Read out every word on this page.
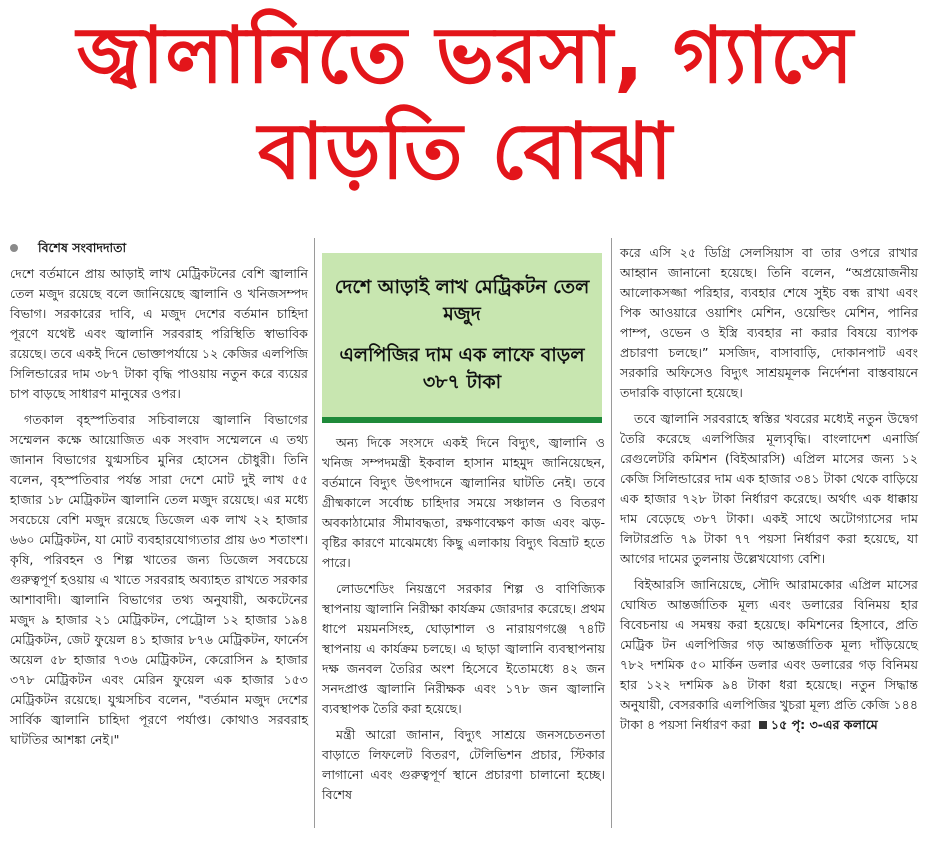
জ্বালানিতে ভরসা, গ্যাসে
বাড়তি বোঝা

বিশেষ সংবাদদাতা

দেশে বর্তমানে প্রায় আড়াই লাখ মেট্রিকটনের বেশি জ্বালানি তেল মজুদ রয়েছে বলে জানিয়েছে জ্বালানি ও খনিজসম্পদ বিভাগ। সরকারের দাবি, এ মজুদ দেশের বর্তমান চাহিদা পূরণে যথেষ্ট এবং জ্বালানি সরবরাহ পরিস্থিতি স্বাভাবিক রয়েছে। তবে একই দিনে ভোক্তাপর্যায়ে ১২ কেজির এলপিজি সিলিন্ডারের দাম ৩৮৭ টাকা বৃদ্ধি পাওয়ায় নতুন করে ব্যয়ের চাপ বাড়ছে সাধারণ মানুষের ওপর।

গতকাল বৃহস্পতিবার সচিবালয়ে জ্বালানি বিভাগের সম্মেলন কক্ষে আয়োজিত এক সংবাদ সম্মেলনে এ তথ্য জানান বিভাগের যুগ্মসচিব মুনির হোসেন চৌধুরী। তিনি বলেন, বৃহস্পতিবার পর্যন্ত সারা দেশে মোট দুই লাখ ৫৫ হাজার ১৮ মেট্রিকটন জ্বালানি তেল মজুদ রয়েছে। এর মধ্যে সবচেয়ে বেশি মজুদ রয়েছে ডিজেল এক লাখ ২২ হাজার ৬৬০ মেট্রিকটন, যা মোট ব্যবহারযোগ্যতার প্রায় ৬৩ শতাংশ। কৃষি, পরিবহন ও শিল্প খাতের জন্য ডিজেল সবচেয়ে গুরুত্বপূর্ণ হওয়ায় এ খাতে সরবরাহ অব্যাহত রাখতে সরকার আশাবাদী। জ্বালানি বিভাগের তথ্য অনুযায়ী, অকটেনের মজুদ ৯ হাজার ২১ মেট্রিকটন, পেট্রোল ১২ হাজার ১৯৪ মেট্রিকটন, জেট ফুয়েল ৪১ হাজার ৮৭৬ মেট্রিকটন, ফার্নেস অয়েল ৫৮ হাজার ৭৩৬ মেট্রিকটন, কেরোসিন ৯ হাজার ৩৭৮ মেট্রিকটন এবং মেরিন ফুয়েল এক হাজার ১৫৩ মেট্রিকটন রয়েছে। যুগ্মসচিব বলেন, "বর্তমান মজুদ দেশের সার্বিক জ্বালানি চাহিদা পূরণে পর্যাপ্ত। কোথাও সরবরাহ ঘাটতির আশঙ্কা নেই।"

দেশে আড়াই লাখ মেট্রিকটন তেল মজুদ
এলপিজির দাম এক লাফে বাড়ল ৩৮৭ টাকা

অন্য দিকে সংসদে একই দিনে বিদ্যুৎ, জ্বালানি ও খনিজ সম্পদমন্ত্রী ইকবাল হাসান মাহমুদ জানিয়েছেন, বর্তমানে বিদ্যুৎ উৎপাদনে জ্বালানির ঘাটতি নেই। তবে গ্রীষ্মকালে সর্বোচ্চ চাহিদার সময়ে সঞ্চালন ও বিতরণ অবকাঠামোর সীমাবদ্ধতা, রক্ষণাবেক্ষণ কাজ এবং ঝড়-বৃষ্টির কারণে মাঝেমধ্যে কিছু এলাকায় বিদ্যুৎ বিভ্রাট হতে পারে।

লোডশেডিং নিয়ন্ত্রণে সরকার শিল্প ও বাণিজ্যিক স্থাপনায় জ্বালানি নিরীক্ষা কার্যক্রম জোরদার করেছে। প্রথম ধাপে ময়মনসিংহ, ঘোড়াশাল ও নারায়ণগঞ্জে ৭৪টি স্থাপনায় এ কার্যক্রম চলছে। এ ছাড়া জ্বালানি ব্যবস্থাপনায় দক্ষ জনবল তৈরির অংশ হিসেবে ইতোমধ্যে ৪২ জন সনদপ্রাপ্ত জ্বালানি নিরীক্ষক এবং ১৭৮ জন জ্বালানি ব্যবস্থাপক তৈরি করা হয়েছে।

মন্ত্রী আরো জানান, বিদ্যুৎ সাশ্রয়ে জনসচেতনতা বাড়াতে লিফলেট বিতরণ, টেলিভিশন প্রচার, স্টিকার লাগানো এবং গুরুত্বপূর্ণ স্থানে প্রচারণা চালানো হচ্ছে। বিশেষ

করে এসি ২৫ ডিগ্রি সেলসিয়াস বা তার ওপরে রাখার আহ্বান জানানো হয়েছে। তিনি বলেন, “অপ্রয়োজনীয় আলোকসজ্জা পরিহার, ব্যবহার শেষে সুইচ বন্ধ রাখা এবং পিক আওয়ারে ওয়াশিং মেশিন, ওয়েল্ডিং মেশিন, পানির পাম্প, ওভেন ও ইস্ত্রি ব্যবহার না করার বিষয়ে ব্যাপক প্রচারণা চলছে।” মসজিদ, বাসাবাড়ি, দোকানপাট এবং সরকারি অফিসেও বিদ্যুৎ সাশ্রয়মূলক নির্দেশনা বাস্তবায়নে তদারকি বাড়ানো হয়েছে।

তবে জ্বালানি সরবরাহে স্বস্তির খবরের মধ্যেই নতুন উদ্বেগ তৈরি করেছে এলপিজির মূল্যবৃদ্ধি। বাংলাদেশ এনার্জি রেগুলেটরি কমিশন (বিইআরসি) এপ্রিল মাসের জন্য ১২ কেজি সিলিন্ডারের দাম এক হাজার ৩৪১ টাকা থেকে বাড়িয়ে এক হাজার ৭২৮ টাকা নির্ধারণ করেছে। অর্থাৎ এক ধাক্কায় দাম বেড়েছে ৩৮৭ টাকা। একই সাথে অটোগ্যাসের দাম লিটারপ্রতি ৭৯ টাকা ৭৭ পয়সা নির্ধারণ করা হয়েছে, যা আগের দামের তুলনায় উল্লেখযোগ্য বেশি।

বিইআরসি জানিয়েছে, সৌদি আরামকোর এপ্রিল মাসের ঘোষিত আন্তর্জাতিক মূল্য এবং ডলারের বিনিময় হার বিবেচনায় এ সমন্বয় করা হয়েছে। কমিশনের হিসাবে, প্রতি মেট্রিক টন এলপিজির গড় আন্তর্জাতিক মূল্য দাঁড়িয়েছে ৭৮২ দশমিক ৫০ মার্কিন ডলার এবং ডলারের গড় বিনিময় হার ১২২ দশমিক ৯৪ টাকা ধরা হয়েছে। নতুন সিদ্ধান্ত অনুযায়ী, বেসরকারি এলপিজির খুচরা মূল্য প্রতি কেজি ১৪৪ টাকা ৪ পয়সা নির্ধারণ করা ১৫ পৃ: ৩-এর কলামে
